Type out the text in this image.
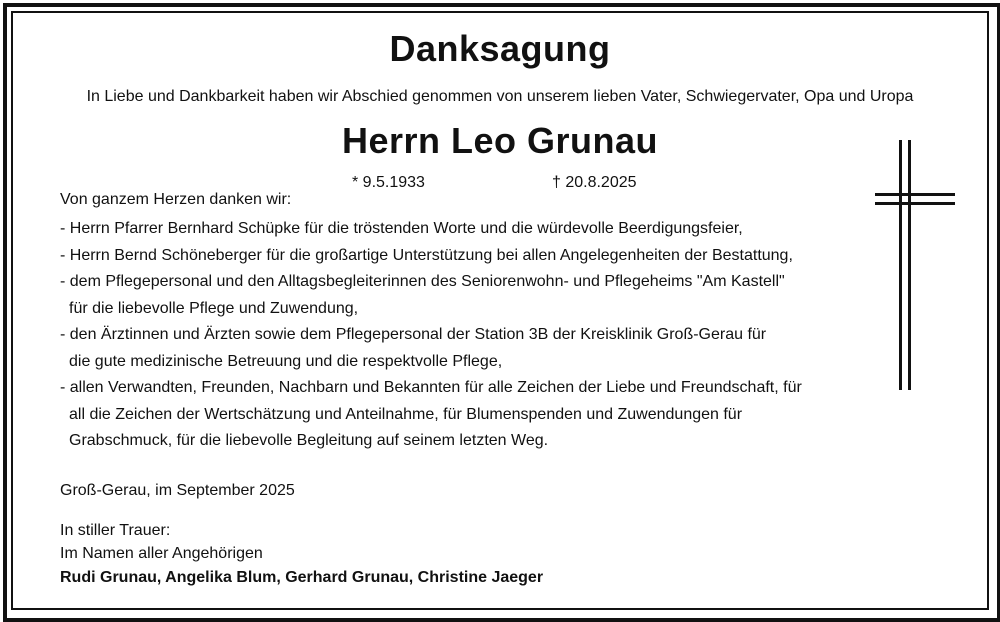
Danksagung
In Liebe und Dankbarkeit haben wir Abschied genommen von unserem lieben Vater, Schwiegervater, Opa und Uropa
Herrn Leo Grunau
* 9.5.1933	† 20.8.2025
Von ganzem Herzen danken wir:
- Herrn Pfarrer Bernhard Schüpke für die tröstenden Worte und die würdevolle Beerdigungsfeier,
- Herrn Bernd Schöneberger für die großartige Unterstützung bei allen Angelegenheiten der Bestattung,
- dem Pflegepersonal und den Alltagsbegleiterinnen des Seniorenwohn- und Pflegeheims "Am Kastell"
für die liebevolle Pflege und Zuwendung,
- den Ärztinnen und Ärzten sowie dem Pflegepersonal der Station 3B der Kreisklinik Groß-Gerau für
die gute medizinische Betreuung und die respektvolle Pflege,
- allen Verwandten, Freunden, Nachbarn und Bekannten für alle Zeichen der Liebe und Freundschaft, für
all die Zeichen der Wertschätzung und Anteilnahme, für Blumenspenden und Zuwendungen für
Grabschmuck, für die liebevolle Begleitung auf seinem letzten Weg.
Groß-Gerau, im September 2025
In stiller Trauer:
Im Namen aller Angehörigen
Rudi Grunau, Angelika Blum, Gerhard Grunau, Christine Jaeger
